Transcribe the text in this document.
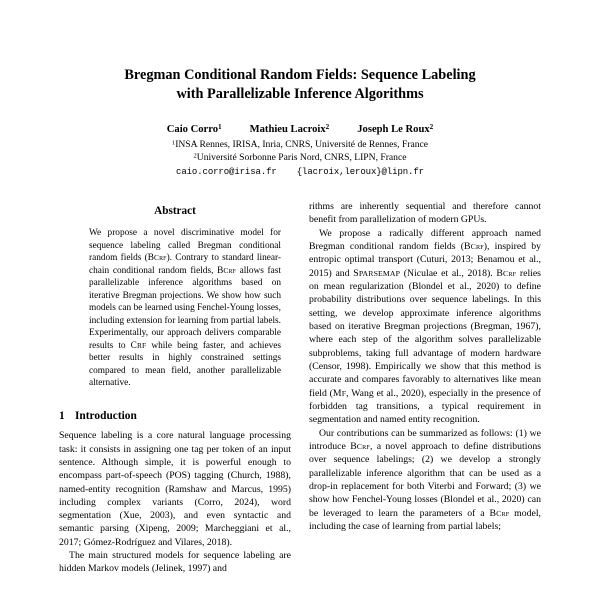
Bregman Conditional Random Fields: Sequence Labeling
with Parallelizable Inference Algorithms
Caio Corro$^1$	Mathieu Lacroix$^2$	Joseph Le Roux$^2$
$^1$INSA Rennes, IRISA, Inria, CNRS, Université de Rennes, France
$^2$Université Sorbonne Paris Nord, CNRS, LIPN, France
caio.corro@irisa.fr {lacroix,leroux}@lipn.fr
Abstract
We propose a novel discriminative model for sequence labeling called Bregman conditional random fields (BCRF). Contrary to standard linear-chain conditional random fields, BCRF allows fast parallelizable inference algorithms based on iterative Bregman projections. We show how such models can be learned using Fenchel-Young losses, including extension for learning from partial labels. Experimentally, our approach delivers comparable results to CRF while being faster, and achieves better results in highly constrained settings compared to mean field, another parallelizable alternative.
1 Introduction

Sequence labeling is a core natural language processing task: it consists in assigning one tag per token of an input sentence. Although simple, it is powerful enough to encompass part-of-speech (POS) tagging (Church, 1988), named-entity recognition (Ramshaw and Marcus, 1995) including complex variants (Corro, 2024), word segmentation (Xue, 2003), and even syntactic and semantic parsing (Xipeng, 2009; Marcheggiani et al., 2017; Gómez-Rodríguez and Vilares, 2018).

The main structured models for sequence labeling are hidden Markov models (Jelinek, 1997) and

rithms are inherently sequential and therefore cannot benefit from parallelization of modern GPUs.

We propose a radically different approach named Bregman conditional random fields (BCRF), inspired by entropic optimal transport (Cuturi, 2013; Benamou et al., 2015) and SPARSEMAP (Niculae et al., 2018). BCRF relies on mean regularization (Blondel et al., 2020) to define probability distributions over sequence labelings. In this setting, we develop approximate inference algorithms based on iterative Bregman projections (Bregman, 1967), where each step of the algorithm solves parallelizable subproblems, taking full advantage of modern hardware (Censor, 1998). Empirically we show that this method is accurate and compares favorably to alternatives like mean field (MF, Wang et al., 2020), especially in the presence of forbidden tag transitions, a typical requirement in segmentation and named entity recognition.

Our contributions can be summarized as follows: (1) we introduce BCRF, a novel approach to define distributions over sequence labelings; (2) we develop a strongly parallelizable inference algorithm that can be used as a drop-in replacement for both Viterbi and Forward; (3) we show how Fenchel-Young losses (Blondel et al., 2020) can be leveraged to learn the parameters of a BCRF model, including the case of learning from partial labels;
